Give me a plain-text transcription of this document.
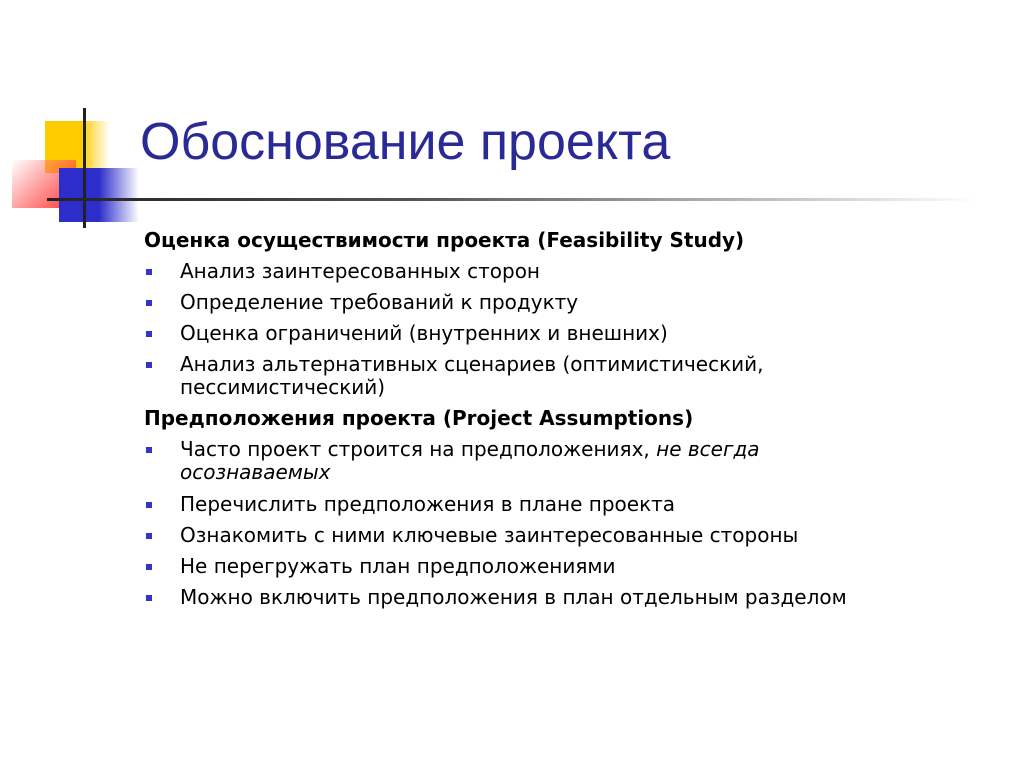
Обоснование проекта
Оценка осуществимости проекта (Feasibility Study)
Анализ заинтересованных сторон
Определение требований к продукту
Оценка ограничений (внутренних и внешних)
Анализ альтернативных сценариев (оптимистический,
пессимистический)
Предположения проекта (Project Assumptions)
Часто проект строится на предположениях, не всегда
осознаваемых
Перечислить предположения в плане проекта
Ознакомить с ними ключевые заинтересованные стороны
Не перегружать план предположениями
Можно включить предположения в план отдельным разделом
